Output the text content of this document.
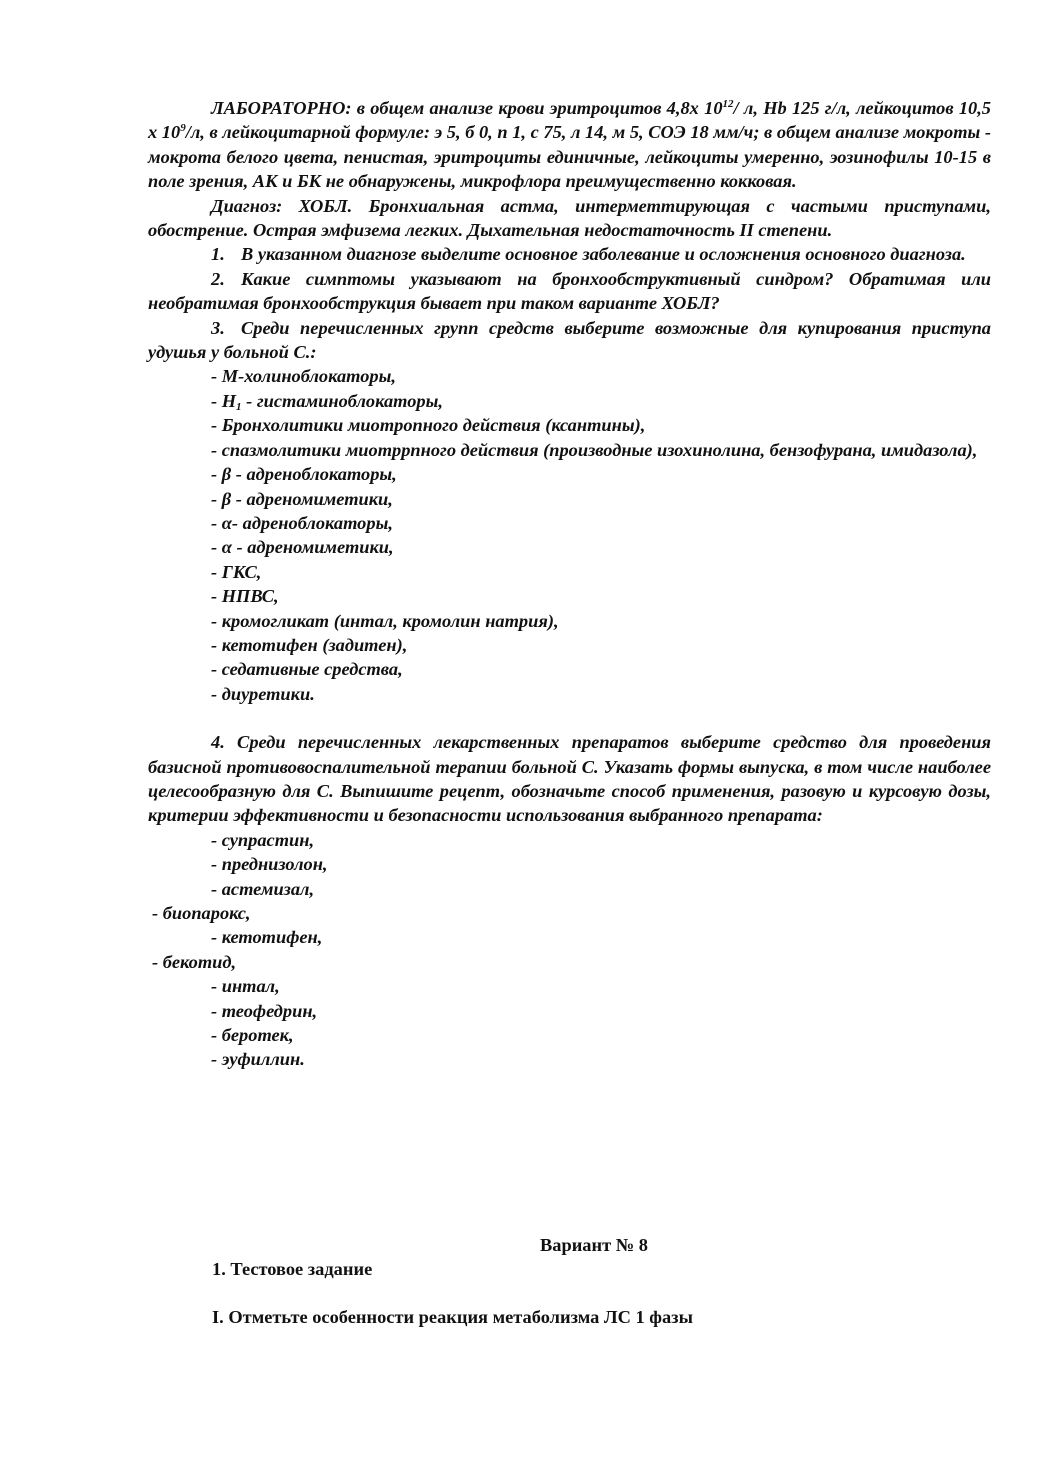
ЛАБОРАТОРНО: в общем анализе крови эритроцитов 4,8х $10^{12}/$ л, Hb 125 г/л, лейкоцитов 10,5 х $10^9/л$, в лейкоцитарной формуле: э 5, б 0, п 1, с 75, л 14, м 5, СОЭ 18 мм/ч; в общем анализе мокроты - мокрота белого цвета, пенистая, эритроциты единичные, лейкоциты умеренно, эозинофилы 10-15 в поле зрения, АК и БК не обнаружены, микрофлора преимущественно кокковая.

Диагноз: ХОБЛ. Бронхиальная астма, интерметтирующая с частыми приступами, обострение. Острая эмфизема легких. Дыхательная недостаточность II степени.

1. В указанном диагнозе выделите основное заболевание и осложнения основного диагноза.

2. Какие симптомы указывают на бронхообструктивный синдром? Обратимая или необратимая бронхообструкция бывает при таком варианте ХОБЛ?

3. Среди перечисленных групп средств выберите возможные для купирования приступа удушья у больной С.:

- М-холиноблокаторы,
- $Н_1$ - гистаминоблокаторы,
- Бронхолитики миотропного действия (ксантины),

- спазмолитики миотррпного действия (производные изохинолина, бензофурана, имидазола),

- β - адреноблокаторы,
- β - адреномиметики,
- α- адреноблокаторы,
- α - адреномиметики,
- ГКС,
- НПВС,
- кромогликат (интал, кромолин натрия),
- кетотифен (задитен),
- седативные средства,
- диуретики.

4. Среди перечисленных лекарственных препаратов выберите средство для проведения базисной противовоспалительной терапии больной С. Указать формы выпуска, в том числе наиболее целесообразную для С. Выпишите рецепт, обозначьте способ применения, разовую и курсовую дозы, критерии эффективности и безопасности использования выбранного препарата:

- супрастин,
- преднизолон,
- астемизал,
- биопарокс,
- кетотифен,
- бекотид,
- интал,
- теофедрин,
- беротек,
- эуфиллин.
Вариант № 8
1. Тестовое задание
I. Отметьте особенности реакция метаболизма ЛС 1 фазы
